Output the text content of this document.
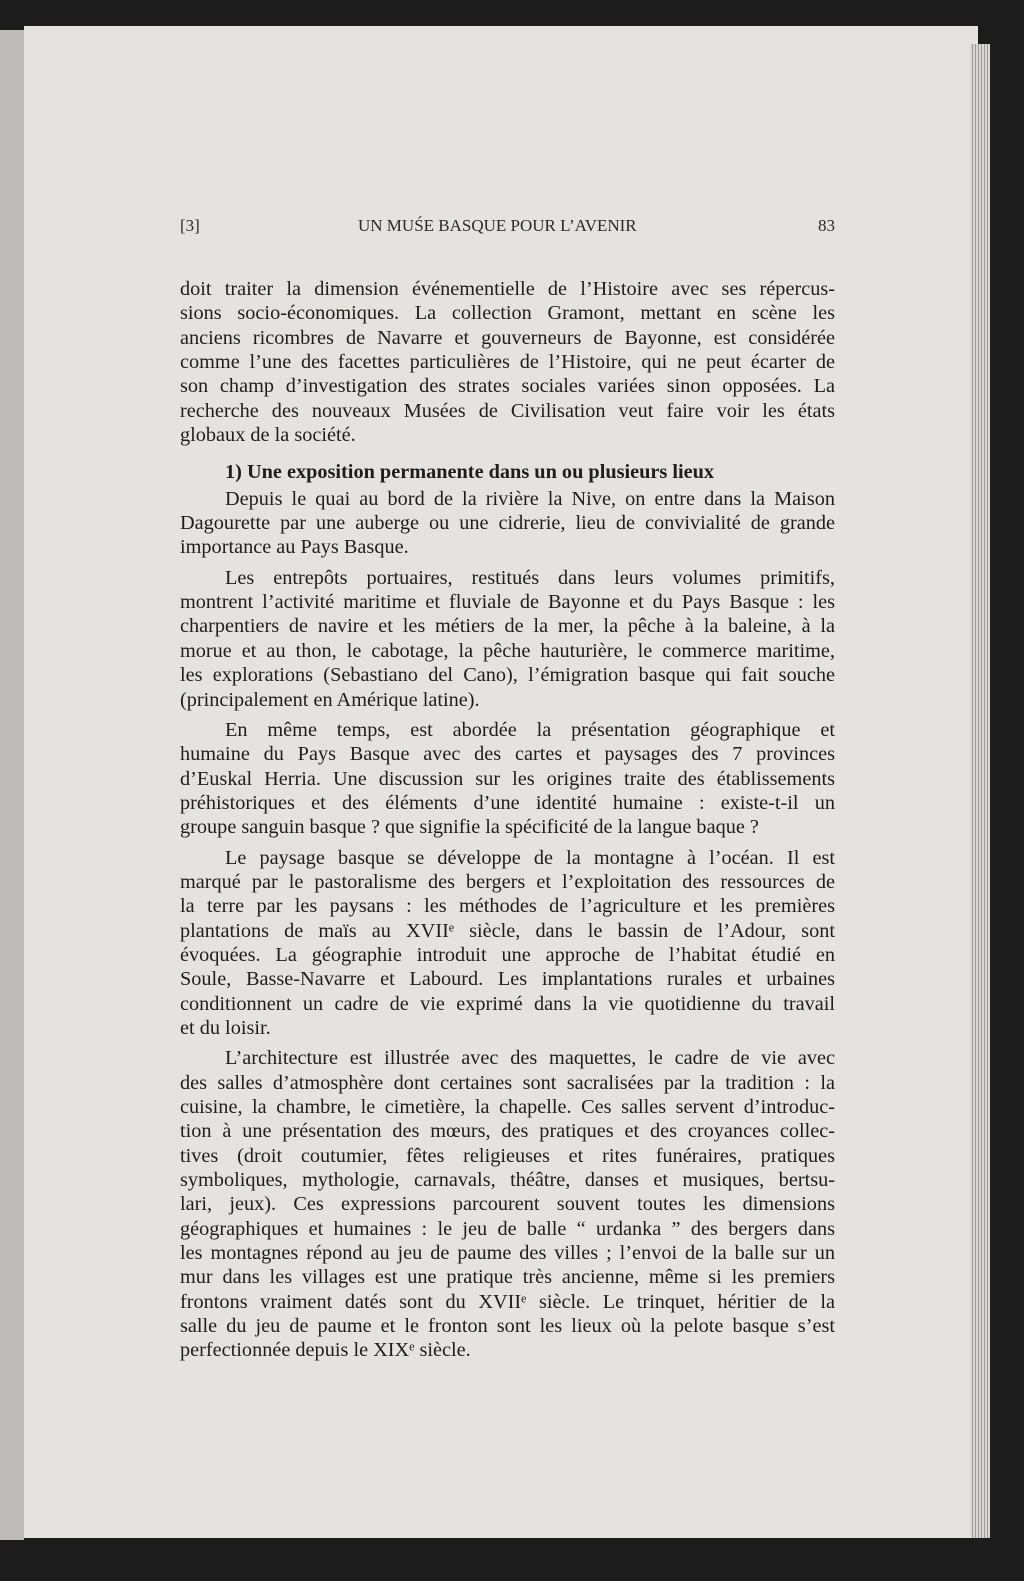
[3]	UN MUŚE BASQUE POUR L’AVENIR	83
doit traiter la dimension événementielle de l’Histoire avec ses répercus-
sions socio-économiques. La collection Gramont, mettant en scène les
anciens ricombres de Navarre et gouverneurs de Bayonne, est considérée
comme l’une des facettes particulières de l’Histoire, qui ne peut écarter de
son champ d’investigation des strates sociales variées sinon opposées. La
recherche des nouveaux Musées de Civilisation veut faire voir les états
globaux de la société.
1) Une exposition permanente dans un ou plusieurs lieux
Depuis le quai au bord de la rivière la Nive, on entre dans la Maison
Dagourette par une auberge ou une cidrerie, lieu de convivialité de grande
importance au Pays Basque.
Les entrepôts portuaires, restitués dans leurs volumes primitifs,
montrent l’activité maritime et fluviale de Bayonne et du Pays Basque : les
charpentiers de navire et les métiers de la mer, la pêche à la baleine, à la
morue et au thon, le cabotage, la pêche hauturière, le commerce maritime,
les explorations (Sebastiano del Cano), l’émigration basque qui fait souche
(principalement en Amérique latine).
En même temps, est abordée la présentation géographique et
humaine du Pays Basque avec des cartes et paysages des 7 provinces
d’Euskal Herria. Une discussion sur les origines traite des établissements
préhistoriques et des éléments d’une identité humaine : existe-t-il un
groupe sanguin basque ? que signifie la spécificité de la langue baque ?
Le paysage basque se développe de la montagne à l’océan. Il est
marqué par le pastoralisme des bergers et l’exploitation des ressources de
la terre par les paysans : les méthodes de l’agriculture et les premières
plantations de maïs au XVIIᵉ siècle, dans le bassin de l’Adour, sont
évoquées. La géographie introduit une approche de l’habitat étudié en
Soule, Basse-Navarre et Labourd. Les implantations rurales et urbaines
conditionnent un cadre de vie exprimé dans la vie quotidienne du travail
et du loisir.
L’architecture est illustrée avec des maquettes, le cadre de vie avec
des salles d’atmosphère dont certaines sont sacralisées par la tradition : la
cuisine, la chambre, le cimetière, la chapelle. Ces salles servent d’introduc-
tion à une présentation des mœurs, des pratiques et des croyances collec-
tives (droit coutumier, fêtes religieuses et rites funéraires, pratiques
symboliques, mythologie, carnavals, théâtre, danses et musiques, bertsu-
lari, jeux). Ces expressions parcourent souvent toutes les dimensions
géographiques et humaines : le jeu de balle “ urdanka ” des bergers dans
les montagnes répond au jeu de paume des villes ; l’envoi de la balle sur un
mur dans les villages est une pratique très ancienne, même si les premiers
frontons vraiment datés sont du XVIIᵉ siècle. Le trinquet, héritier de la
salle du jeu de paume et le fronton sont les lieux où la pelote basque s’est
perfectionnée depuis le XIXᵉ siècle.
